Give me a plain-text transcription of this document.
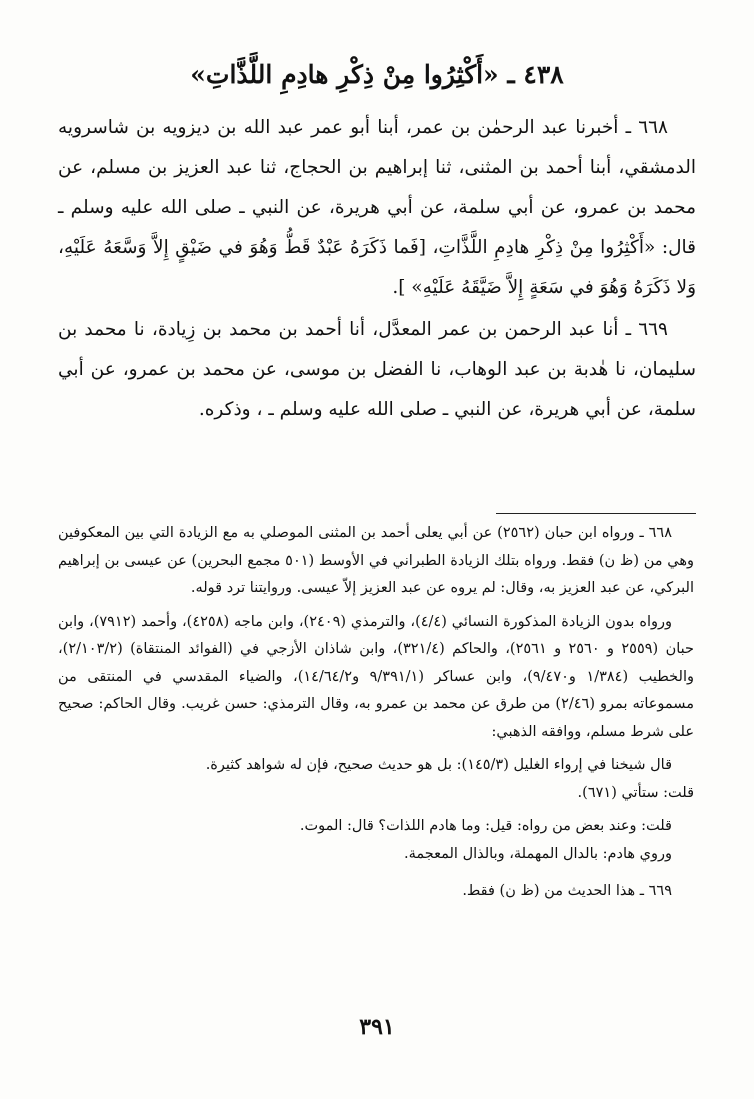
٤٣٨ ـ «أَكْثِرُوا مِنْ ذِكْرِ هادِمِ اللَّذَّاتِ»

٦٦٨ ـ أخبرنا عبد الرحمٰن بن عمر، أبنا أبو عمر عبد الله بن ديزويه بن شاسرويه الدمشقي، أبنا أحمد بن المثنى، ثنا إبراهيم بن الحجاج، ثنا عبد العزيز بن مسلم، عن محمد بن عمرو، عن أبي سلمة، عن أبي هريرة، عن النبي ـ صلى الله عليه وسلم ـ قال: «أَكْثِرُوا مِنْ ذِكْرِ هادِمِ اللَّذَّاتِ، [فَما ذَكَرَهُ عَبْدٌ قَطُّ وَهُوَ في ضَيْقٍ إِلاَّ وَسَّعَهُ عَلَيْهِ، وَلا ذَكَرَهُ وَهُوَ في سَعَةٍ إِلاَّ ضَيَّقَهُ عَلَيْهِ» ].

٦٦٩ ـ أنا عبد الرحمن بن عمر المعدَّل، أنا أحمد بن محمد بن زِيادة، نا محمد بن سليمان، نا هٰدبة بن عبد الوهاب، نا الفضل بن موسى، عن محمد بن عمرو، عن أبي سلمة، عن أبي هريرة، عن النبي ـ صلى الله عليه وسلم ـ ، وذكره.

٦٦٨ ـ ورواه ابن حبان (٢٥٦٢) عن أبي يعلى أحمد بن المثنى الموصلي به مع الزيادة التي بين المعكوفين وهي من (ظ ن) فقط. ورواه بتلك الزيادة الطبراني في الأوسط (٥٠١ مجمع البحرين) عن عيسى بن إبراهيم البركي، عن عبد العزيز به، وقال: لم يروه عن عبد العزيز إلاّ عيسى. وروايتنا ترد قوله.

ورواه بدون الزيادة المذكورة النسائي (٤/٤)، والترمذي (٢٤٠٩)، وابن ماجه (٤٢٥٨)، وأحمد (٧٩١٢)، وابن حبان (٢٥٥٩ و ٢٥٦٠ و ٢٥٦١)، والحاكم (٣٢١/٤)، وابن شاذان الأزجي في (الفوائد المنتقاة) (٢/١٠٣/٢)، والخطيب (١/٣٨٤ و٩/٤٧٠)، وابن عساكر (٩/٣٩١/١ و١٤/٦٤/٢)، والضياء المقدسي في المنتقى من مسموعاته بمرو (٢/٤٦) من طرق عن محمد بن عمرو به، وقال الترمذي: حسن غريب. وقال الحاكم: صحيح على شرط مسلم، ووافقه الذهبي:

قال شيخنا في إرواء الغليل (١٤٥/٣): بل هو حديث صحيح، فإن له شواهد كثيرة.

قلت: ستأتي (٦٧١).

قلت: وعند بعض من رواه: قيل: وما هادم اللذات؟ قال: الموت.

وروي هادم: بالدال المهملة، وبالذال المعجمة.

٦٦٩ ـ هذا الحديث من (ظ ن) فقط.

٣٩١
